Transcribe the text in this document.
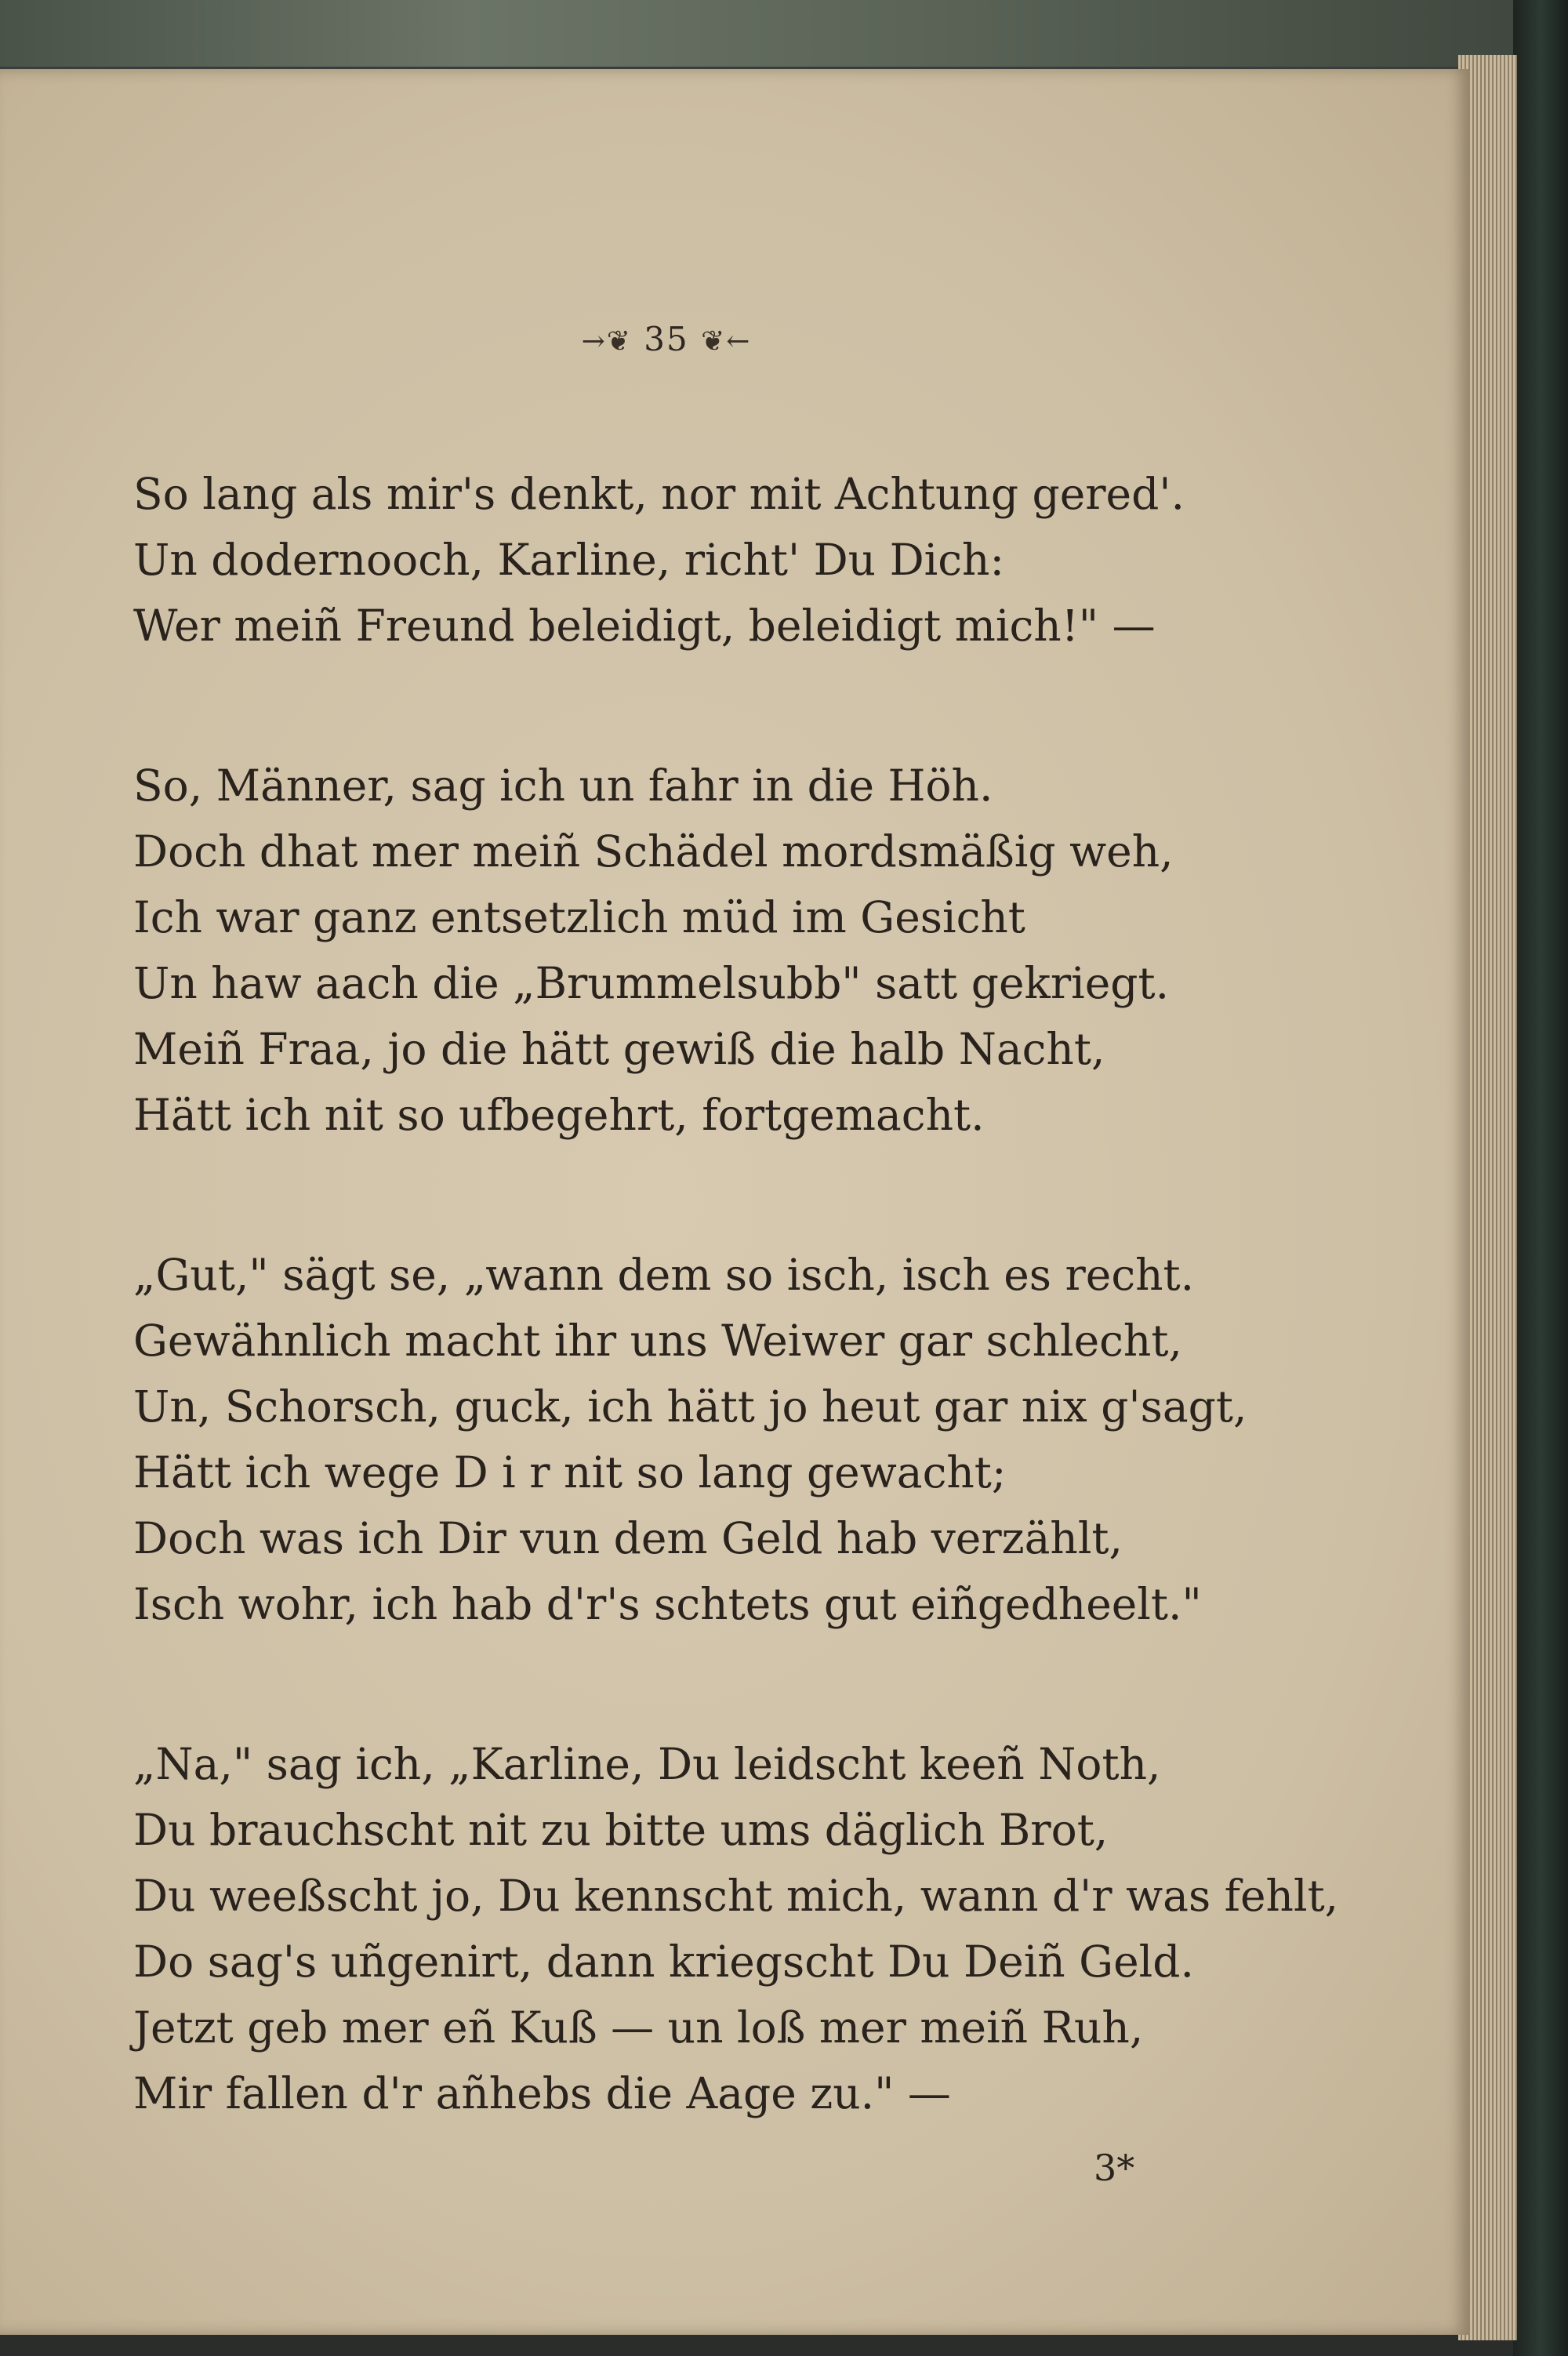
→❦ 35 ❦←
So lang als mir's denkt, nor mit Achtung gered'.
Un dodernooch, Karline, richt' Du Dich:
Wer meiñ Freund beleidigt, beleidigt mich!" —
So, Männer, sag ich un fahr in die Höh.
Doch dhat mer meiñ Schädel mordsmäßig weh,
Ich war ganz entsetzlich müd im Gesicht
Un haw aach die „Brummelsubb" satt gekriegt.
Meiñ Fraa, jo die hätt gewiß die halb Nacht,
Hätt ich nit so ufbegehrt, fortgemacht.
„Gut," sägt se, „wann dem so isch, isch es recht.
Gewähnlich macht ihr uns Weiwer gar schlecht,
Un, Schorsch, guck, ich hätt jo heut gar nix g'sagt,
Hätt ich wege D i r nit so lang gewacht;
Doch was ich Dir vun dem Geld hab verzählt,
Isch wohr, ich hab d'r's schtets gut eiñgedheelt."
„Na," sag ich, „Karline, Du leidscht keeñ Noth,
Du brauchscht nit zu bitte ums däglich Brot,
Du weeßscht jo, Du kennscht mich, wann d'r was fehlt,
Do sag's uñgenirt, dann kriegscht Du Deiñ Geld.
Jetzt geb mer eñ Kuß — un loß mer meiñ Ruh,
Mir fallen d'r añhebs die Aage zu." —
3*
